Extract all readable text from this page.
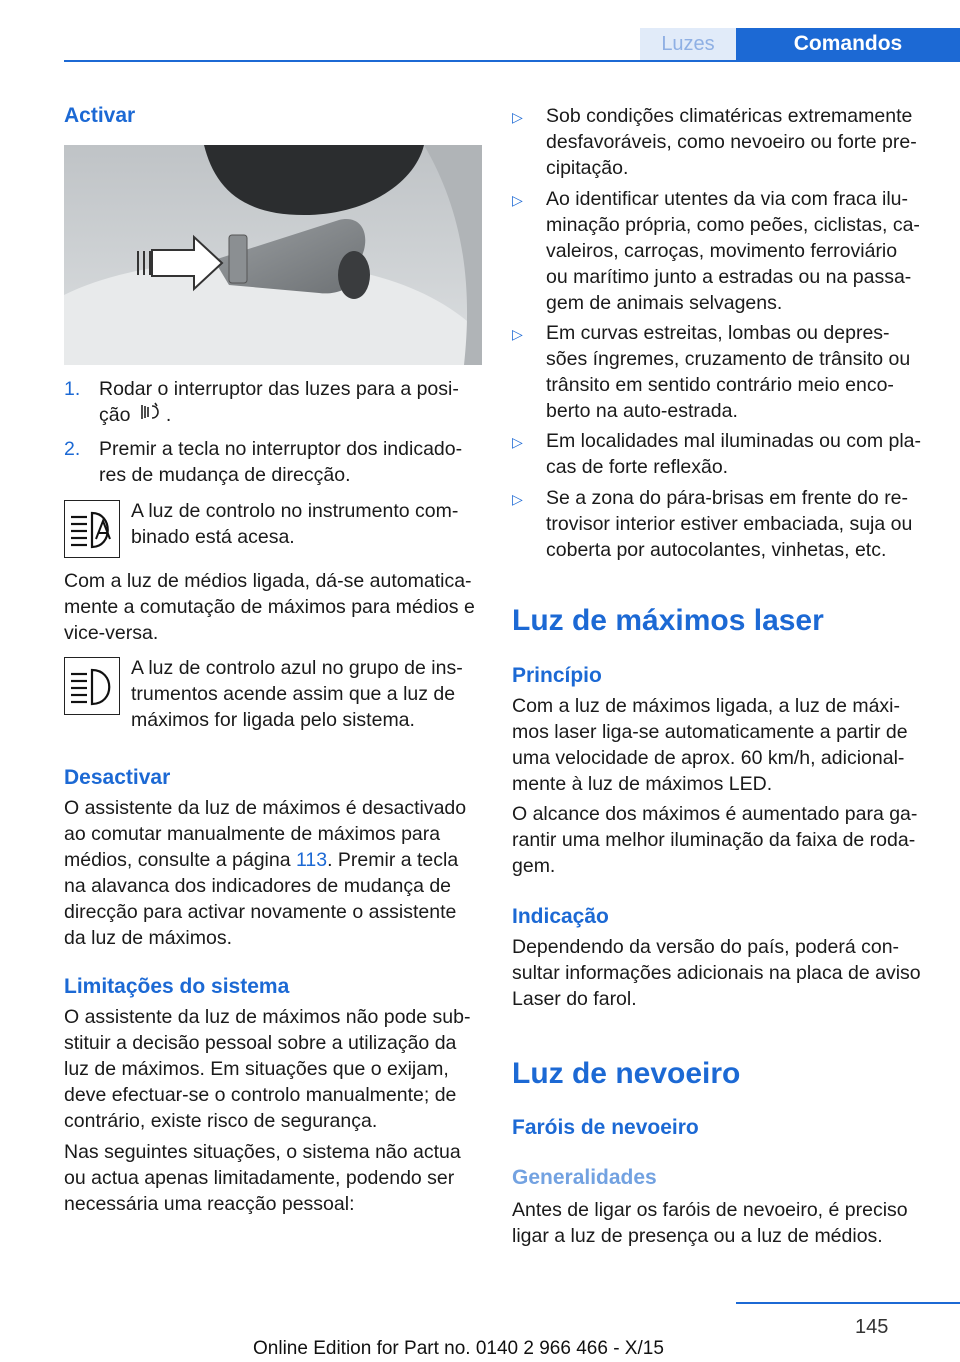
Luzes	Comandos
Activar
1. Rodar o interruptor das luzes para a posi-
ção .
2. Premir a tecla no interruptor dos indicado-
res de mudança de direcção.
A luz de controlo no instrumento com-
binado está acesa.
Com a luz de médios ligada, dá-se automatica-
mente a comutação de máximos para médios e
vice-versa.
A luz de controlo azul no grupo de ins-
trumentos acende assim que a luz de
máximos for ligada pelo sistema.
Desactivar
O assistente da luz de máximos é desactivado
ao comutar manualmente de máximos para
médios, consulte a página 113. Premir a tecla
na alavanca dos indicadores de mudança de
direcção para activar novamente o assistente
da luz de máximos.
Limitações do sistema
O assistente da luz de máximos não pode sub-
stituir a decisão pessoal sobre a utilização da
luz de máximos. Em situações que o exijam,
deve efectuar-se o controlo manualmente; de
contrário, existe risco de segurança.
Nas seguintes situações, o sistema não actua
ou actua apenas limitadamente, podendo ser
necessária uma reacção pessoal:
▷ Sob condições climatéricas extremamente
desfavoráveis, como nevoeiro ou forte pre-
cipitação.
▷ Ao identificar utentes da via com fraca ilu-
minação própria, como peões, ciclistas, ca-
valeiros, carroças, movimento ferroviário
ou marítimo junto a estradas ou na passa-
gem de animais selvagens.
▷ Em curvas estreitas, lombas ou depres-
sões íngremes, cruzamento de trânsito ou
trânsito em sentido contrário meio enco-
berto na auto-estrada.
▷ Em localidades mal iluminadas ou com pla-
cas de forte reflexão.
▷ Se a zona do pára-brisas em frente do re-
trovisor interior estiver embaciada, suja ou
coberta por autocolantes, vinhetas, etc.
Luz de máximos laser
Princípio
Com a luz de máximos ligada, a luz de máxi-
mos laser liga-se automaticamente a partir de
uma velocidade de aprox. 60 km/h, adicional-
mente à luz de máximos LED.
O alcance dos máximos é aumentado para ga-
rantir uma melhor iluminação da faixa de roda-
gem.
Indicação
Dependendo da versão do país, poderá con-
sultar informações adicionais na placa de aviso
Laser do farol.
Luz de nevoeiro
Faróis de nevoeiro
Generalidades
Antes de ligar os faróis de nevoeiro, é preciso
ligar a luz de presença ou a luz de médios.
145
Online Edition for Part no. 0140 2 966 466 - X/15
